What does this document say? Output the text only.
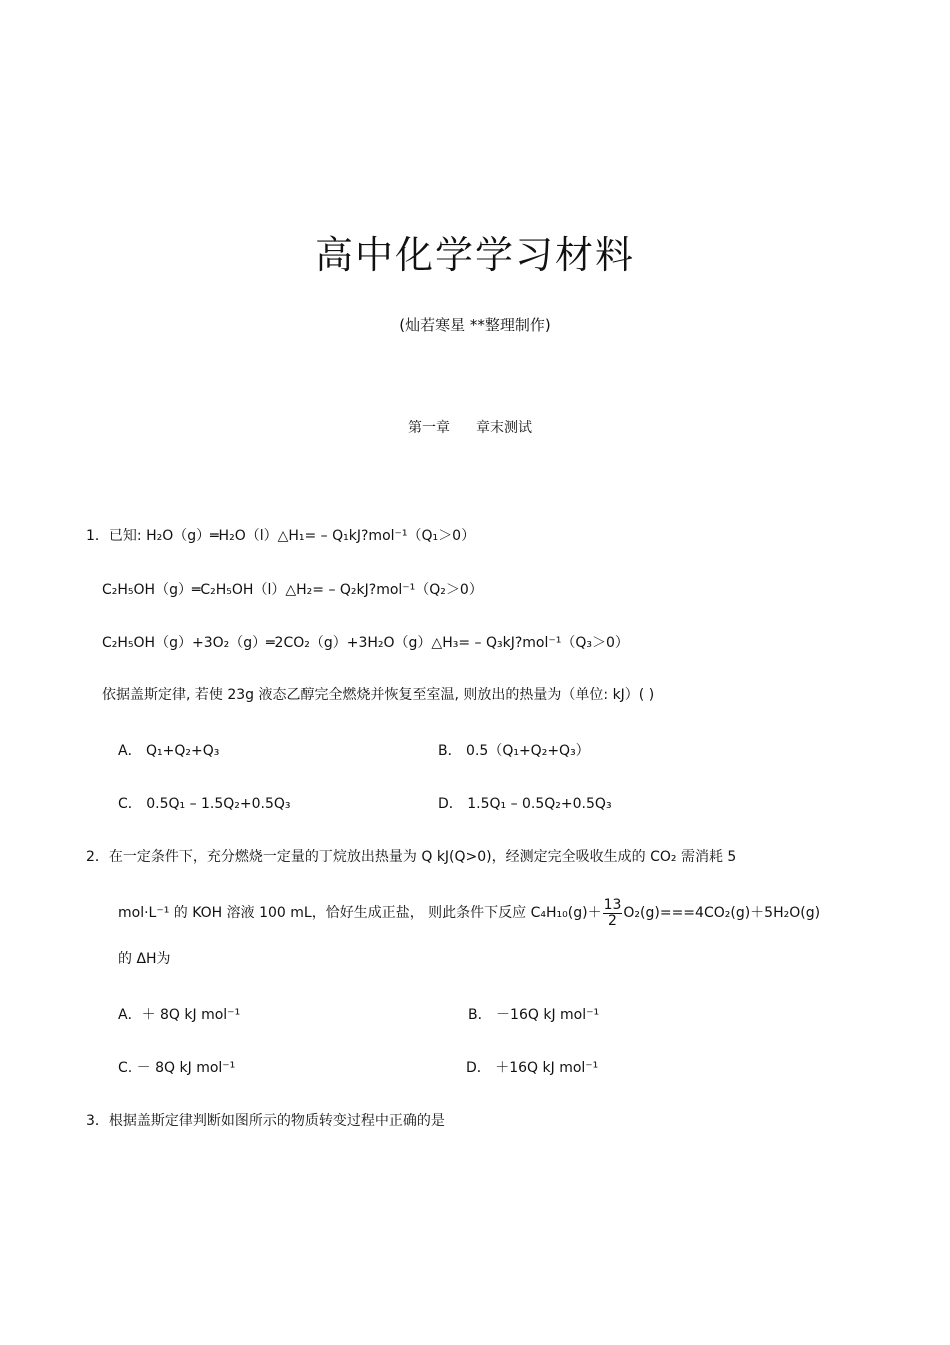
高中化学学习材料
(灿若寒星 **整理制作)
第一章 章末测试
1．已知: H₂O（g）═H₂O（l）△H₁= – Q₁kJ?mol⁻¹（Q₁＞0）
C₂H₅OH（g）═C₂H₅OH（l）△H₂= – Q₂kJ?mol⁻¹（Q₂＞0）
C₂H₅OH（g）+3O₂（g）═2CO₂（g）+3H₂O（g）△H₃= – Q₃kJ?mol⁻¹（Q₃＞0）
依据盖斯定律, 若使 23g 液态乙醇完全燃烧并恢复至室温, 则放出的热量为（单位: kJ）( )
A． Q₁+Q₂+Q₃	B． 0.5（Q₁+Q₂+Q₃）
C． 0.5Q₁ – 1.5Q₂+0.5Q₃	D． 1.5Q₁ – 0.5Q₂+0.5Q₃
2．在一定条件下，充分燃烧一定量的丁烷放出热量为 Q kJ(Q>0)，经测定完全吸收生成的 CO₂ 需消耗 5
mol·L⁻¹ 的 KOH 溶液 100 mL，恰好生成正盐， 则此条件下反应 $C_4H_{10}(g)+ \frac{13}{2} O_2(g)===4CO_2(g)+5H_2O(g)$
的 ΔH为
A．＋ 8Q kJ mol⁻¹	B． －16Q kJ mol⁻¹
C. － 8Q kJ mol⁻¹	D． ＋16Q kJ mol⁻¹
3．根据盖斯定律判断如图所示的物质转变过程中正确的是
